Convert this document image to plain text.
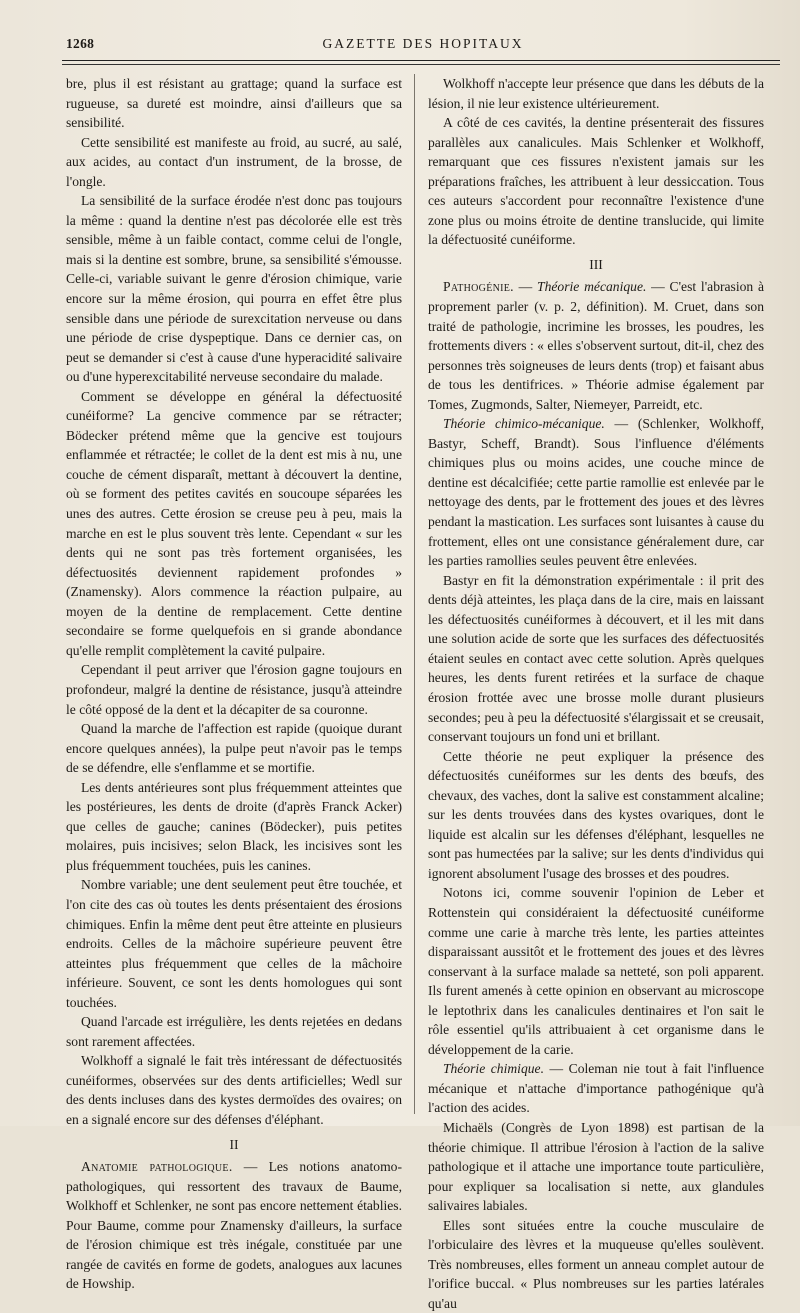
1268	GAZETTE DES HOPITAUX

bre, plus il est résistant au grattage; quand la surface est rugueuse, sa dureté est moindre, ainsi d'ailleurs que sa sensibilité.

Cette sensibilité est manifeste au froid, au sucré, au salé, aux acides, au contact d'un instrument, de la brosse, de l'ongle.

La sensibilité de la surface érodée n'est donc pas toujours la même : quand la dentine n'est pas décolorée elle est très sensible, même à un faible contact, comme celui de l'ongle, mais si la dentine est sombre, brune, sa sensibilité s'émousse. Celle-ci, variable suivant le genre d'érosion chimique, varie encore sur la même érosion, qui pourra en effet être plus sensible dans une période de surexcitation nerveuse ou dans une période de crise dyspeptique. Dans ce dernier cas, on peut se demander si c'est à cause d'une hyperacidité salivaire ou d'une hyperexcitabilité nerveuse secondaire du malade.

Comment se développe en général la défectuosité cunéiforme? La gencive commence par se rétracter; Bödecker prétend même que la gencive est toujours enflammée et rétractée; le collet de la dent est mis à nu, une couche de cément disparaît, mettant à découvert la dentine, où se forment des petites cavités en soucoupe séparées les unes des autres. Cette érosion se creuse peu à peu, mais la marche en est le plus souvent très lente. Cependant « sur les dents qui ne sont pas très fortement organisées, les défectuosités deviennent rapidement profondes » (Znamensky). Alors commence la réaction pulpaire, au moyen de la dentine de remplacement. Cette dentine secondaire se forme quelquefois en si grande abondance qu'elle remplit complètement la cavité pulpaire.

Cependant il peut arriver que l'érosion gagne toujours en profondeur, malgré la dentine de résistance, jusqu'à atteindre le côté opposé de la dent et la décapiter de sa couronne.

Quand la marche de l'affection est rapide (quoique durant encore quelques années), la pulpe peut n'avoir pas le temps de se défendre, elle s'enflamme et se mortifie.

Les dents antérieures sont plus fréquemment atteintes que les postérieures, les dents de droite (d'après Franck Acker) que celles de gauche; canines (Bödecker), puis petites molaires, puis incisives; selon Black, les incisives sont les plus fréquemment touchées, puis les canines.

Nombre variable; une dent seulement peut être touchée, et l'on cite des cas où toutes les dents présentaient des érosions chimiques. Enfin la même dent peut être atteinte en plusieurs endroits. Celles de la mâchoire supérieure peuvent être atteintes plus fréquemment que celles de la mâchoire inférieure. Souvent, ce sont les dents homologues qui sont touchées.

Quand l'arcade est irrégulière, les dents rejetées en dedans sont rarement affectées.

Wolkhoff a signalé le fait très intéressant de défectuosités cunéiformes, observées sur des dents artificielles; Wedl sur des dents incluses dans des kystes dermoïdes des ovaires; on en a signalé encore sur des défenses d'éléphant.

II

Anatomie pathologique. — Les notions anatomo-pathologiques, qui ressortent des travaux de Baume, Wolkhoff et Schlenker, ne sont pas encore nettement établies. Pour Baume, comme pour Znamensky d'ailleurs, la surface de l'érosion chimique est très inégale, constituée par une rangée de cavités en forme de godets, analogues aux lacunes de Howship.

Wolkhoff n'accepte leur présence que dans les débuts de la lésion, il nie leur existence ultérieurement.

A côté de ces cavités, la dentine présenterait des fissures parallèles aux canalicules. Mais Schlenker et Wolkhoff, remarquant que ces fissures n'existent jamais sur les préparations fraîches, les attribuent à leur dessiccation. Tous ces auteurs s'accordent pour reconnaître l'existence d'une zone plus ou moins étroite de dentine translucide, qui limite la défectuosité cunéiforme.

III

Pathogénie. — Théorie mécanique. — C'est l'abrasion à proprement parler (v. p. 2, définition). M. Cruet, dans son traité de pathologie, incrimine les brosses, les poudres, les frottements divers : « elles s'observent surtout, dit-il, chez des personnes très soigneuses de leurs dents (trop) et faisant abus de tous les dentifrices. » Théorie admise également par Tomes, Zugmonds, Salter, Niemeyer, Parreidt, etc.

Théorie chimico-mécanique. — (Schlenker, Wolkhoff, Bastyr, Scheff, Brandt). Sous l'influence d'éléments chimiques plus ou moins acides, une couche mince de dentine est décalcifiée; cette partie ramollie est enlevée par le nettoyage des dents, par le frottement des joues et des lèvres pendant la mastication. Les surfaces sont luisantes à cause du frottement, elles ont une consistance généralement dure, car les parties ramollies seules peuvent être enlevées.

Bastyr en fit la démonstration expérimentale : il prit des dents déjà atteintes, les plaça dans de la cire, mais en laissant les défectuosités cunéiformes à découvert, et il les mit dans une solution acide de sorte que les surfaces des défectuosités étaient seules en contact avec cette solution. Après quelques heures, les dents furent retirées et la surface de chaque érosion frottée avec une brosse molle durant plusieurs secondes; peu à peu la défectuosité s'élargissait et se creusait, conservant toujours un fond uni et brillant.

Cette théorie ne peut expliquer la présence des défectuosités cunéiformes sur les dents des bœufs, des chevaux, des vaches, dont la salive est constamment alcaline; sur les dents trouvées dans des kystes ovariques, dont le liquide est alcalin sur les défenses d'éléphant, lesquelles ne sont pas humectées par la salive; sur les dents d'individus qui ignorent absolument l'usage des brosses et des poudres.

Notons ici, comme souvenir l'opinion de Leber et Rottenstein qui considéraient la défectuosité cunéiforme comme une carie à marche très lente, les parties atteintes disparaissant aussitôt et le frottement des joues et des lèvres conservant à la surface malade sa netteté, son poli apparent. Ils furent amenés à cette opinion en observant au microscope le leptothrix dans les canalicules dentinaires et l'on sait le rôle essentiel qu'ils attribuaient à cet organisme dans le développement de la carie.

Théorie chimique. — Coleman nie tout à fait l'influence mécanique et n'attache d'importance pathogénique qu'à l'action des acides.

Michaëls (Congrès de Lyon 1898) est partisan de la théorie chimique. Il attribue l'érosion à l'action de la salive pathologique et il attache une importance toute particulière, pour expliquer sa localisation si nette, aux glandules salivaires labiales.

Elles sont situées entre la couche musculaire de l'orbiculaire des lèvres et la muqueuse qu'elles soulèvent. Très nombreuses, elles forment un anneau complet autour de l'orifice buccal. « Plus nombreuses sur les parties latérales qu'au
